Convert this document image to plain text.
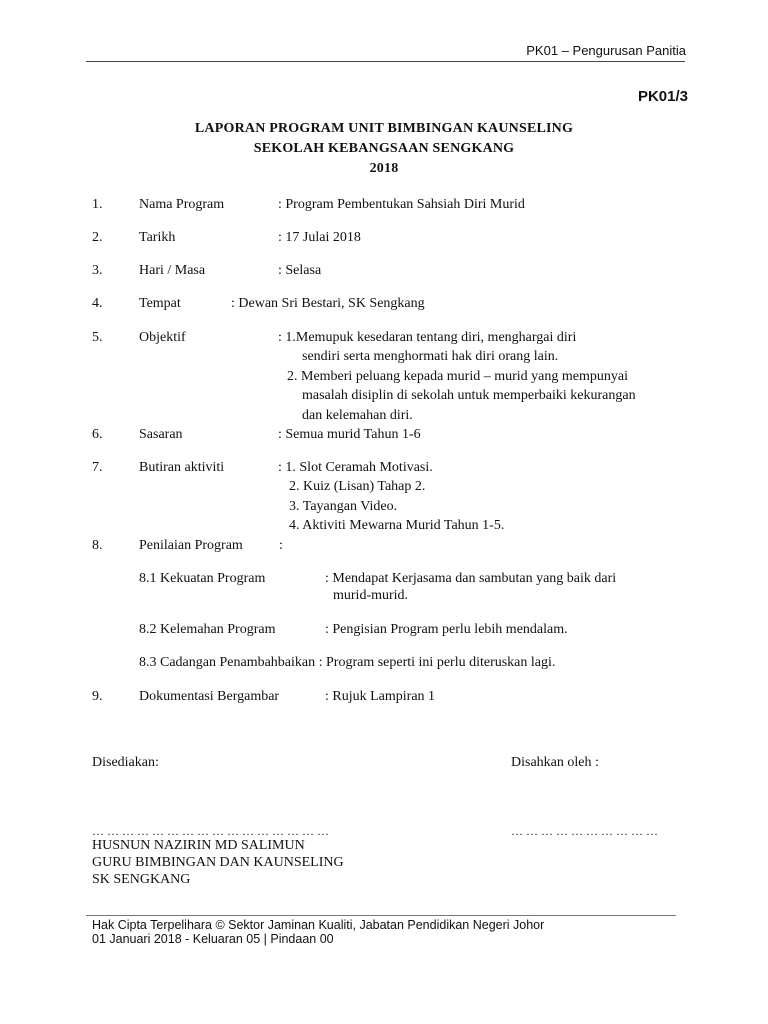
PK01 – Pengurusan Panitia
PK01/3
LAPORAN PROGRAM UNIT BIMBINGAN KAUNSELING
SEKOLAH KEBANGSAAN SENGKANG
2018
1.	Nama Program	: Program Pembentukan Sahsiah Diri Murid
2.	Tarikh	: 17 Julai 2018
3.	Hari / Masa	: Selasa
4.	Tempat	: Dewan Sri Bestari, SK Sengkang
5.	Objektif	: 1.Memupuk kesedaran tentang diri, menghargai diri
sendiri serta menghormati hak diri orang lain.
2. Memberi peluang kepada murid – murid yang mempunyai
masalah disiplin di sekolah untuk memperbaiki kekurangan
dan kelemahan diri.
6.	Sasaran	: Semua murid Tahun 1-6
7.	Butiran aktiviti	: 1. Slot Ceramah Motivasi.
2. Kuiz (Lisan) Tahap 2.
3. Tayangan Video.
4. Aktiviti Mewarna Murid Tahun 1-5.
8.	Penilaian Program	:
8.1 Kekuatan Program	: Mendapat Kerjasama dan sambutan yang baik dari
murid-murid.
8.2 Kelemahan Program	: Pengisian Program perlu lebih mendalam.
8.3 Cadangan Penambahbaikan : Program seperti ini perlu diteruskan lagi.
9.	Dokumentasi Bergambar	: Rujuk Lampiran 1
Disediakan:	Disahkan oleh :
… … … … … … … … … … … … … … … …	… … … … … … … … … …
HUSNUN NAZIRIN MD SALIMUN
GURU BIMBINGAN DAN KAUNSELING
SK SENGKANG
Hak Cipta Terpelihara © Sektor Jaminan Kualiti, Jabatan Pendidikan Negeri Johor
01 Januari 2018 - Keluaran 05 | Pindaan 00
